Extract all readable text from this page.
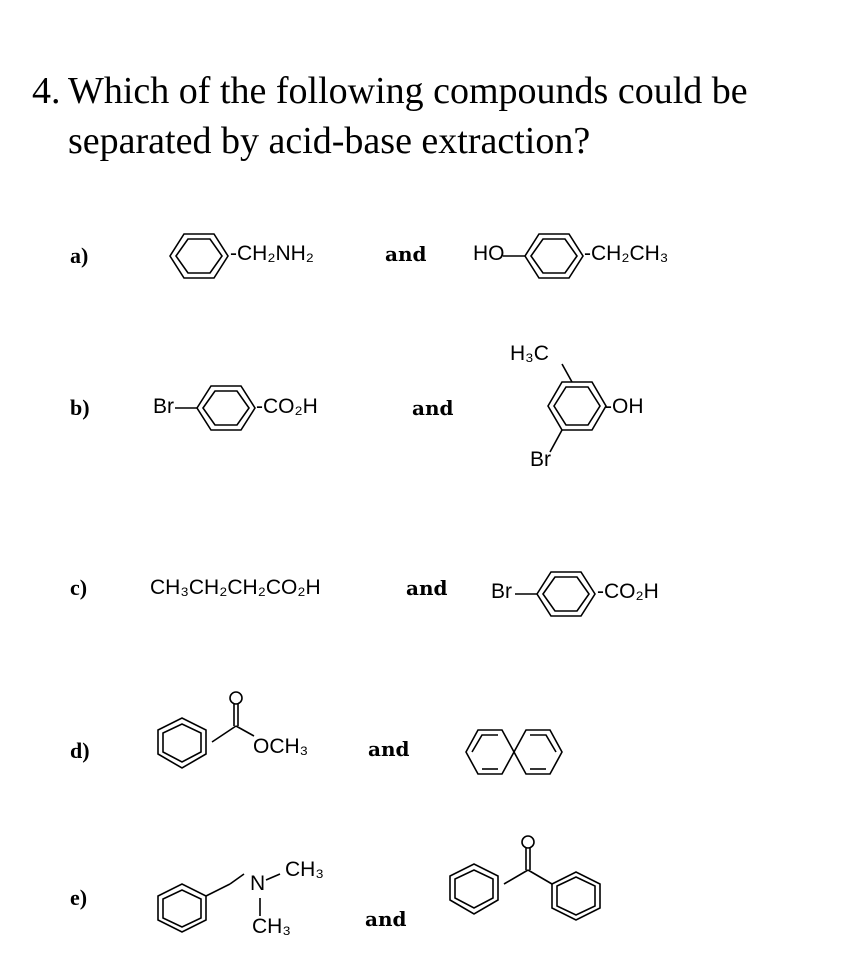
4. Which of the following compounds could be
separated by acid-base extraction?
a)	-CH₂NH₂	and HO	-CH₂CH₃
b)	Br	-CO₂H	and
H₃C
-OH
Br
c)	CH₃CH₂CH₂CO₂H	and Br	-CO₂H
d)	OCH₃	and
e)
N
CH₃
CH₃	and
